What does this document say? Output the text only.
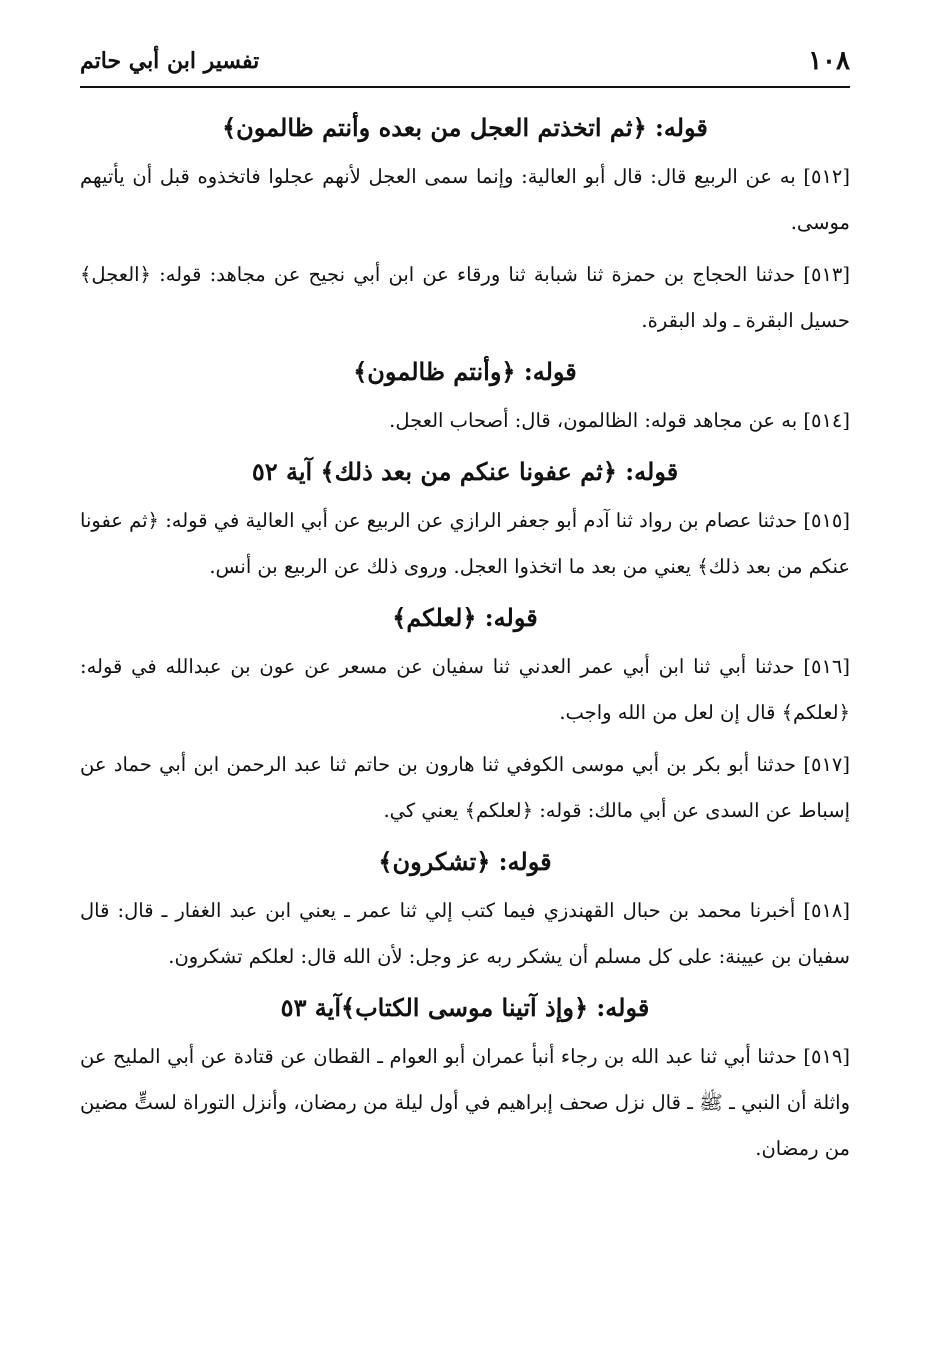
١٠٨
تفسير ابن أبي حاتم
قوله: ﴿ثم اتخذتم العجل من بعده وأنتم ظالمون﴾

[٥١٢] به عن الربيع قال: قال أبو العالية: وإنما سمى العجل لأنهم عجلوا فاتخذوه قبل أن يأتيهم موسى.

[٥١٣] حدثنا الحجاج بن حمزة ثنا شبابة ثنا ورقاء عن ابن أبي نجيح عن مجاهد: قوله: ﴿العجل﴾ حسيل البقرة ـ ولد البقرة.

قوله: ﴿وأنتم ظالمون﴾

[٥١٤] به عن مجاهد قوله: الظالمون، قال: أصحاب العجل.

قوله: ﴿ثم عفونا عنكم من بعد ذلك﴾ آية ٥٢

[٥١٥] حدثنا عصام بن رواد ثنا آدم أبو جعفر الرازي عن الربيع عن أبي العالية في قوله: ﴿ثم عفونا عنكم من بعد ذلك﴾ يعني من بعد ما اتخذوا العجل. وروى ذلك عن الربيع بن أنس.

قوله: ﴿لعلكم﴾

[٥١٦] حدثنا أبي ثنا ابن أبي عمر العدني ثنا سفيان عن مسعر عن عون بن عبدالله في قوله: ﴿لعلكم﴾ قال إن لعل من الله واجب.

[٥١٧] حدثنا أبو بكر بن أبي موسى الكوفي ثنا هارون بن حاتم ثنا عبد الرحمن ابن أبي حماد عن إسباط عن السدى عن أبي مالك: قوله: ﴿لعلكم﴾ يعني كي.

قوله: ﴿تشكرون﴾

[٥١٨] أخبرنا محمد بن حبال القهندزي فيما كتب إلي ثنا عمر ـ يعني ابن عبد الغفار ـ قال: قال سفيان بن عيينة: على كل مسلم أن يشكر ربه عز وجل: لأن الله قال: لعلكم تشكرون.

قوله: ﴿وإذ آتينا موسى الكتاب﴾آية ٥٣

[٥١٩] حدثنا أبي ثنا عبد الله بن رجاء أنبأ عمران أبو العوام ـ القطان عن قتادة عن أبي المليح عن واثلة أن النبي ـ ﷺ ـ قال نزل صحف إبراهيم في أول ليلة من رمضان، وأنزل التوراة لستٍّ مضين من رمضان.
